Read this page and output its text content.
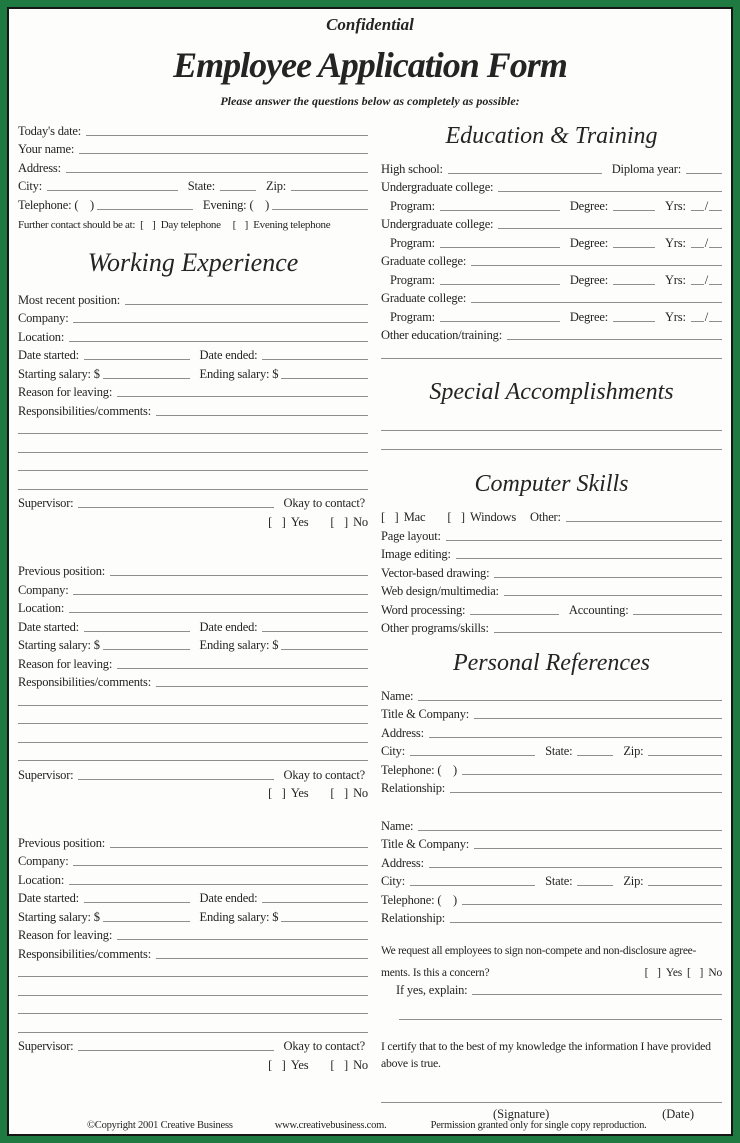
Confidential
Employee Application Form
Please answer the questions below as completely as possible:
Today's date:
Your name:
Address:
City:	State:	Zip:
Telephone: (    )	Evening: (    )
Further contact should be at: [   ] Day telephone	[   ] Evening telephone
Working Experience
Most recent position:
Company:
Location:
Date started:	Date ended:
Starting salary: $	Ending salary: $
Reason for leaving:
Responsibilities/comments:
Supervisor:	Okay to contact?
[   ] Yes [   ] No
Previous position:
Company:
Location:
Date started:	Date ended:
Starting salary: $	Ending salary: $
Reason for leaving:
Responsibilities/comments:
Supervisor:	Okay to contact?
[   ] Yes [   ] No
Previous position:
Company:
Location:
Date started:	Date ended:
Starting salary: $	Ending salary: $
Reason for leaving:
Responsibilities/comments:
Supervisor:	Okay to contact?
[   ] Yes [   ] No
Education & Training
High school:	Diploma year:
Undergraduate college:
Program:	Degree:	Yrs:	/
Undergraduate college:
Program:	Degree:	Yrs:	/
Graduate college:
Program:	Degree:	Yrs:	/
Graduate college:
Program:	Degree:	Yrs:	/
Other education/training:
Special Accomplishments
Computer Skills
[   ] Mac	[   ] Windows	Other:
Page layout:
Image editing:
Vector-based drawing:
Web design/multimedia:
Word processing:	Accounting:
Other programs/skills:
Personal References
Name:
Title & Company:
Address:
City:	State:	Zip:
Telephone: (    )
Relationship:
Name:
Title & Company:
Address:
City:	State:	Zip:
Telephone: (    )
Relationship:
We request all employees to sign non-compete and non-disclosure agree-
ments. Is this a concern?	[   ] Yes [   ] No
If yes, explain:

I certify that to the best of my knowledge the information I have provided above is true.

(Signature)	(Date)
©Copyright 2001 Creative Business	www.creativebusiness.com.	Permission granted only for single copy reproduction.
